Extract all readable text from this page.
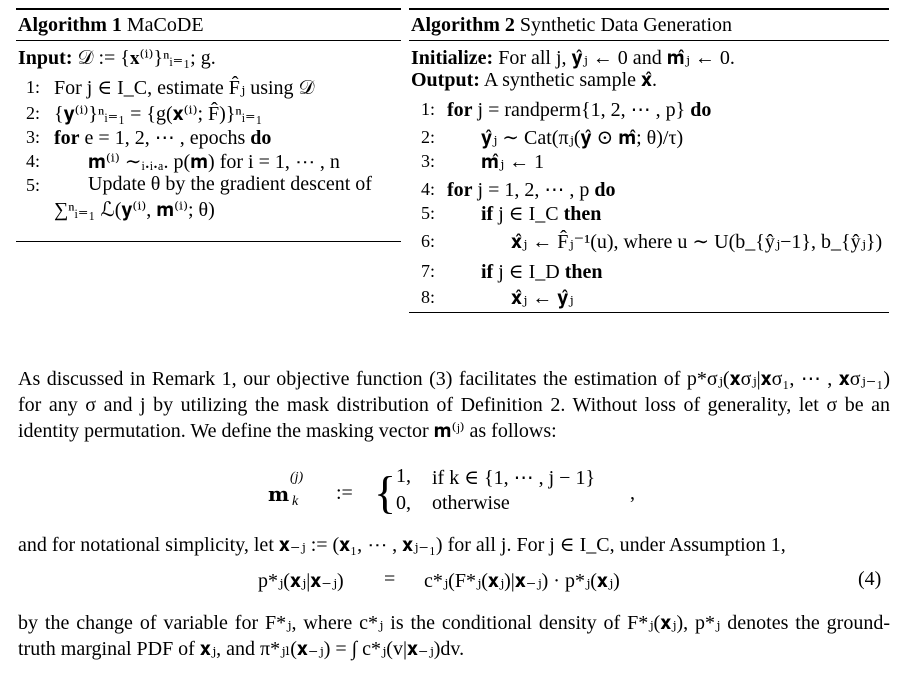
Algorithm 1 MaCoDE
Input: 𝒟 := {𝐱⁽ⁱ⁾}ⁿᵢ₌₁; g.
1: For j ∈ I_C, estimate F̂ⱼ using 𝒟
2: {𝐲⁽ⁱ⁾}ⁿᵢ₌₁ = {g(𝐱⁽ⁱ⁾; F̂)}ⁿᵢ₌₁
3: for e = 1, 2, ⋯ , epochs do
4:	𝐦⁽ⁱ⁾ ∼ᵢ.ᵢ.ₐ. p(𝐦) for i = 1, ⋯ , n
5:	Update θ by the gradient descent of
∑ⁿᵢ₌₁ ℒ(𝐲⁽ⁱ⁾, 𝐦⁽ⁱ⁾; θ)
Algorithm 2 Synthetic Data Generation
Initialize: For all j, 𝐲̂ⱼ ← 0 and 𝐦̂ⱼ ← 0.
Output: A synthetic sample 𝐱̂.
1: for j = randperm{1, 2, ⋯ , p} do
2:	𝐲̂ⱼ ∼ Cat(πⱼ(𝐲̂ ⊙ 𝐦̂; θ)/τ)
3:	𝐦̂ⱼ ← 1
4: for j = 1, 2, ⋯ , p do
5:	if j ∈ I_C then
6:	𝐱̂ⱼ ← F̂ⱼ⁻¹(u), where u ∼ U(b_{ŷⱼ−1}, b_{ŷⱼ})
7:	if j ∈ I_D then
8:	𝐱̂ⱼ ← 𝐲̂ⱼ

As discussed in Remark 1, our objective function (3) facilitates the estimation of p*σⱼ(𝐱σⱼ|𝐱σ₁, ⋯ , 𝐱σⱼ₋₁) for any σ and j by utilizing the mask distribution of Definition 2. Without loss of generality, let σ be an identity permutation. We define the masking vector 𝐦⁽ʲ⁾ as follows:

𝐦
(j)
k := { 1, if k ∈ {1, ⋯ , j − 1}
0, otherwise	,

and for notational simplicity, let 𝐱₋ⱼ := (𝐱₁, ⋯ , 𝐱ⱼ₋₁) for all j. For j ∈ I_C, under Assumption 1,

p*ⱼ(𝐱ⱼ|𝐱₋ⱼ) = c*ⱼ(F*ⱼ(𝐱ⱼ)|𝐱₋ⱼ) · p*ⱼ(𝐱ⱼ)	(4)

by the change of variable for F*ⱼ, where c*ⱼ is the conditional density of F*ⱼ(𝐱ⱼ), p*ⱼ denotes the ground-truth marginal PDF of 𝐱ⱼ, and π*ⱼₗ(𝐱₋ⱼ) = ∫ c*ⱼ(v|𝐱₋ⱼ)dv.
